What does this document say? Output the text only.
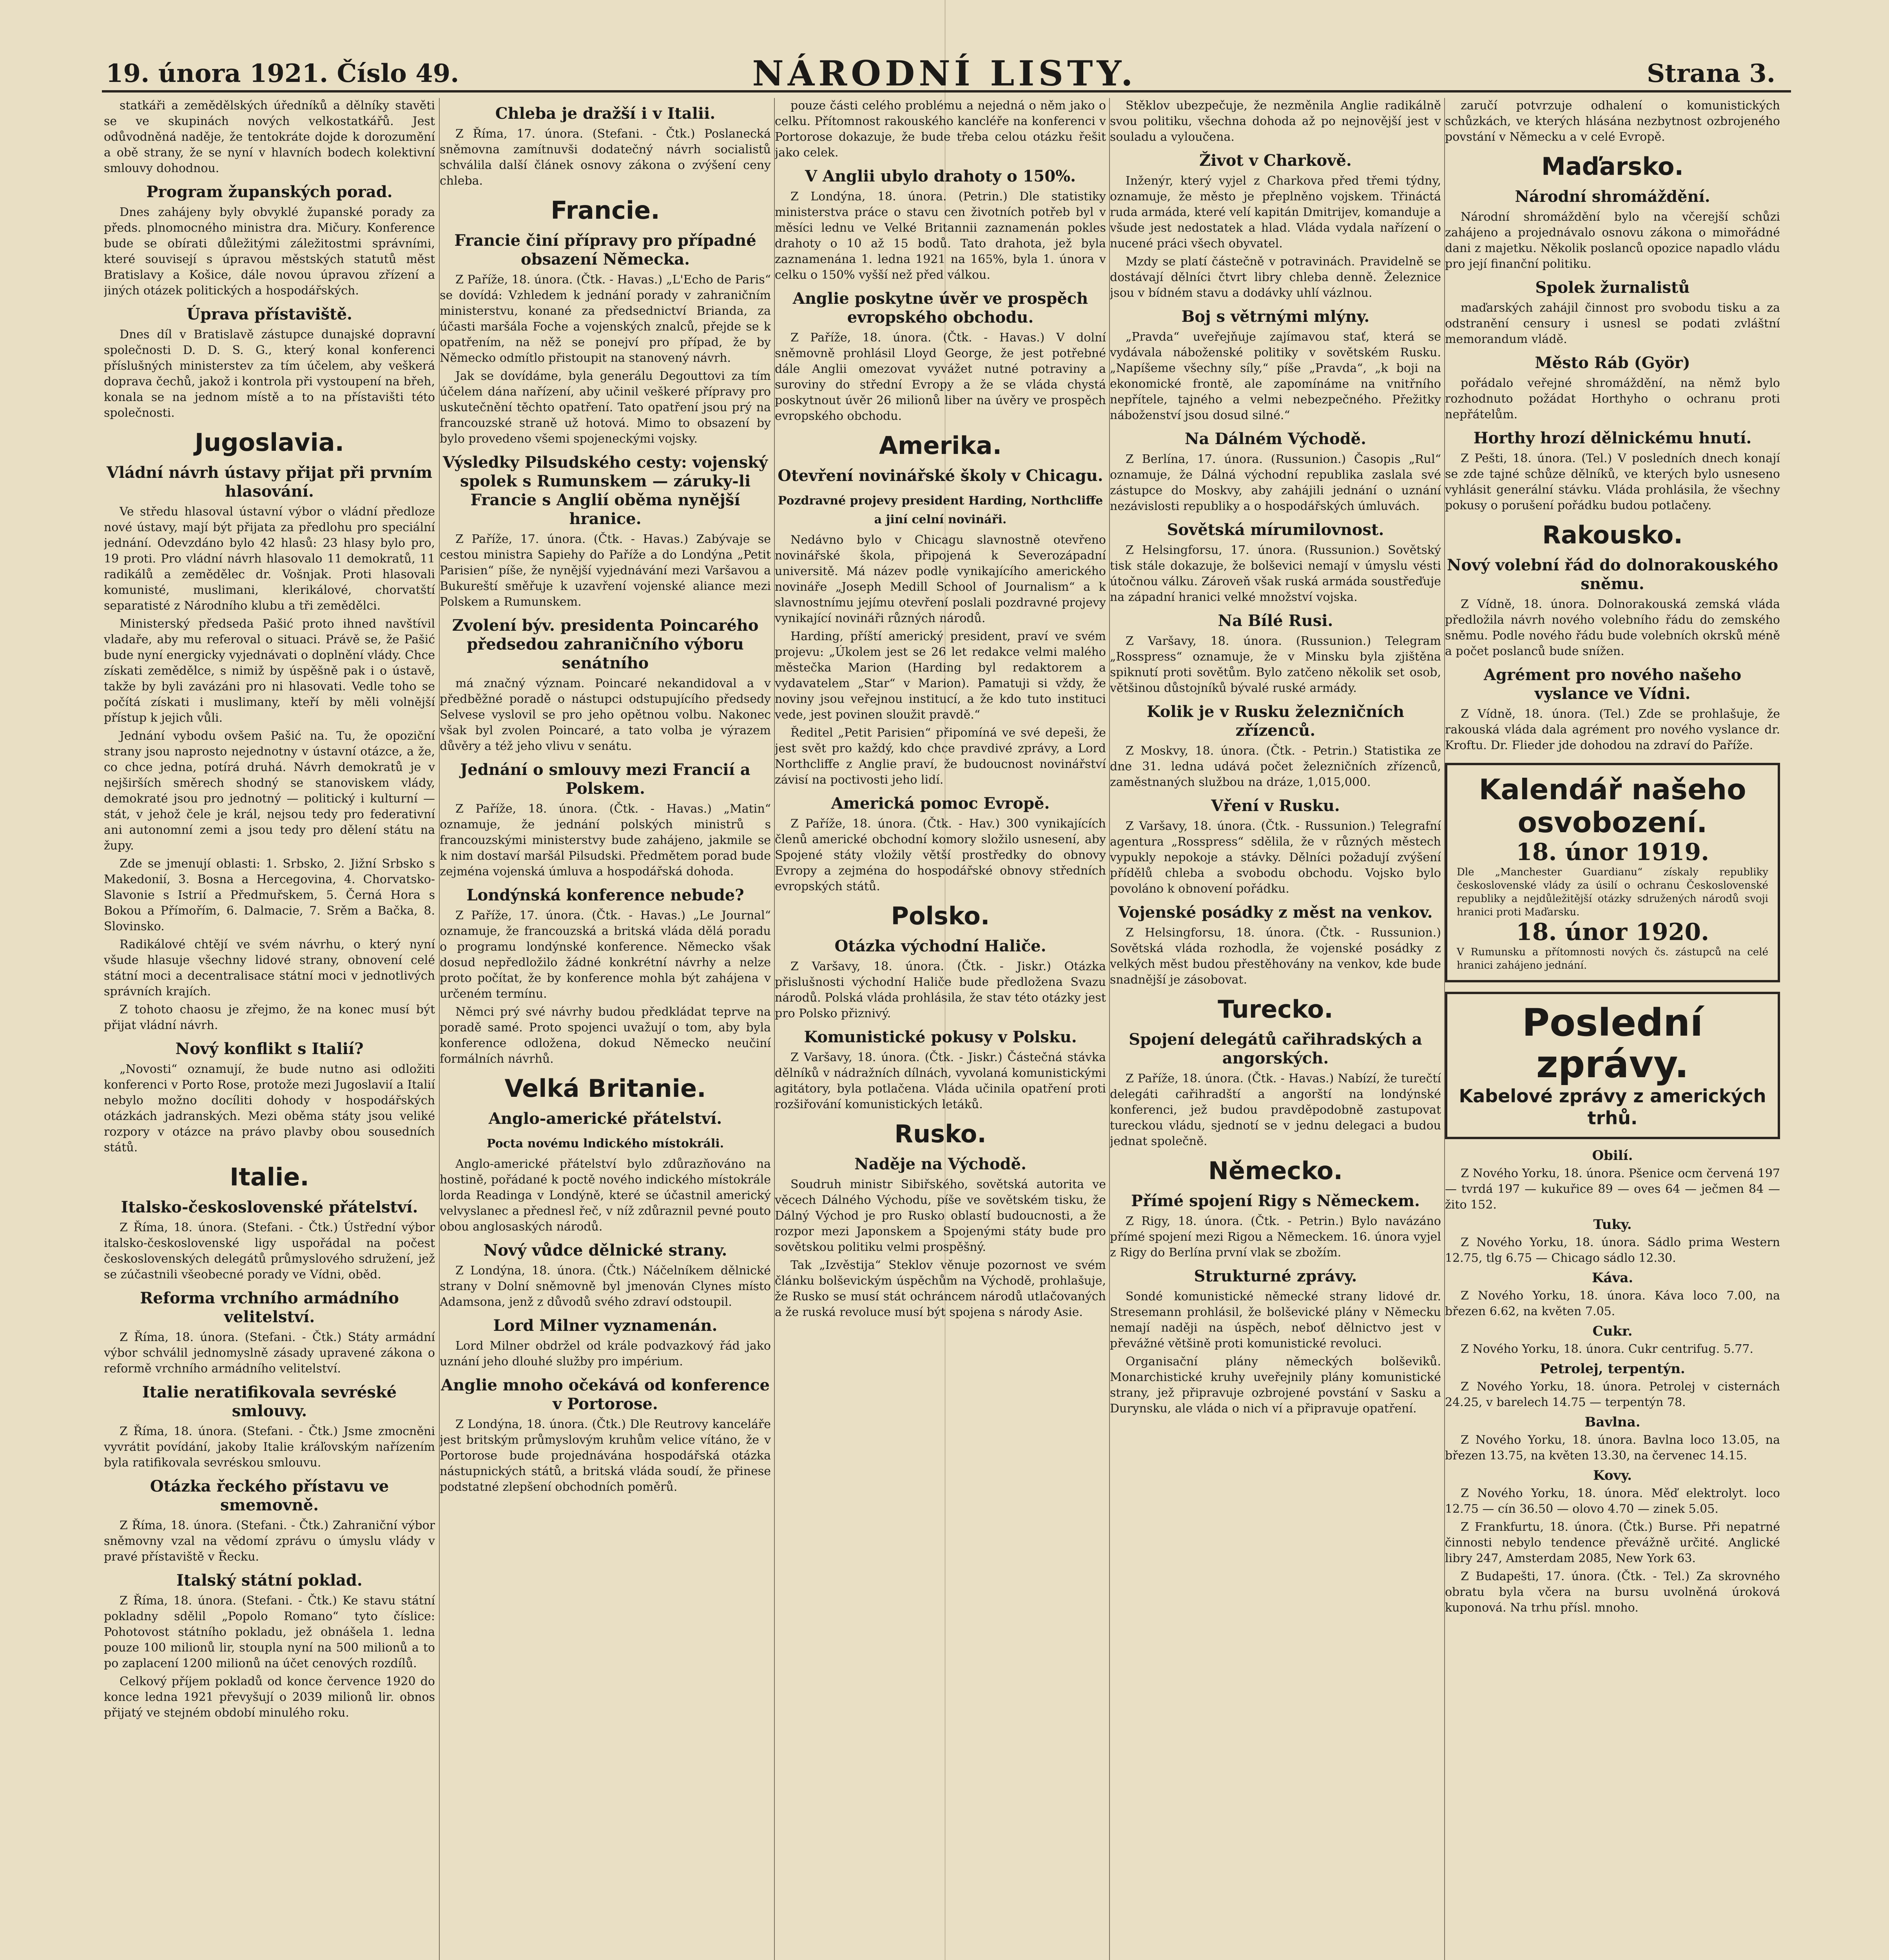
19. února 1921. Číslo 49.	NÁRODNÍ LISTY.	Strana 3.
statkáři a zemědělských úředníků a dělníky stavěti se ve skupinách nových velkostatkářů. Jest odůvodněná naděje, že tentokráte dojde k dorozumění a obě strany, že se nyní v hlavních bodech kolektivní smlouvy dohodnou.
Program županských porad.
Dnes zahájeny byly obvyklé županské porady za předs. plnomocného ministra dra. Mičury. Konference bude se obírati důležitými záležitostmi správními, které souvisejí s úpravou městských statutů měst Bratislavy a Košice, dále novou úpravou zřízení a jiných otázek politických a hospodářských.
Úprava přístaviště.
Dnes díl v Bratislavě zástupce dunajské dopravní společnosti D. D. S. G., který konal konferenci příslušných ministerstev za tím účelem, aby veškerá doprava čechů, jakož i kontrola při vystoupení na břeh, konala se na jednom místě a to na přístavišti této společnosti.
Jugoslavia.
Vládní návrh ústavy přijat při prvním hlasování.
Ve středu hlasoval ústavní výbor o vládní předloze nové ústavy, mají být přijata za předlohu pro speciální jednání. Odevzdáno bylo 42 hlasů: 23 hlasy bylo pro, 19 proti. Pro vládní návrh hlasovalo 11 demokratů, 11 radikálů a zemědělec dr. Vošnjak. Proti hlasovali komunisté, muslimani, klerikálové, chorvatští separatisté z Národního klubu a tři zemědělci.
Ministerský předseda Pašić proto ihned navštívil vladaře, aby mu referoval o situaci. Právě se, že Pašić bude nyní energicky vyjednávati o doplnění vlády. Chce získati zemědělce, s nimiž by úspěšně pak i o ústavě, takže by byli zavázáni pro ni hlasovati. Vedle toho se počítá získati i muslimany, kteří by měli volnější přístup k jejich vůli.
Jednání vybodu ovšem Pašić na. Tu, že opoziční strany jsou naprosto nejednotny v ústavní otázce, a že, co chce jedna, potírá druhá. Návrh demokratů je v nejširších směrech shodný se stanoviskem vlády, demokraté jsou pro jednotný — politický i kulturní — stát, v jehož čele je král, nejsou tedy pro federativní ani autonomní zemi a jsou tedy pro dělení státu na župy.
Zde se jmenují oblasti: 1. Srbsko, 2. Jižní Srbsko s Makedonií, 3. Bosna a Hercegovina, 4. Chorvatsko-Slavonie s Istrií a Předmuřskem, 5. Černá Hora s Bokou a Přímořím, 6. Dalmacie, 7. Srěm a Bačka, 8. Slovinsko.
Radikálové chtějí ve svém návrhu, o který nyní všude hlasuje všechny lidové strany, obnovení celé státní moci a decentralisace státní moci v jednotlivých správních krajích.
Z tohoto chaosu je zřejmo, že na konec musí být přijat vládní návrh.
Nový konflikt s Italií?
„Novosti“ oznamují, že bude nutno asi odložiti konferenci v Porto Rose, protože mezi Jugoslavií a Italií nebylo možno docíliti dohody v hospodářských otázkách jadranských. Mezi oběma státy jsou veliké rozpory v otázce na právo plavby obou sousedních států.
Italie.
Italsko-československé přátelství.
Z Říma, 18. února. (Stefani. - Čtk.) Ústřední výbor italsko-československé ligy uspořádal na počest československých delegátů průmyslového sdružení, jež se zúčastnili všeobecné porady ve Vídni, oběd.
Reforma vrchního armádního velitelství.
Z Říma, 18. února. (Stefani. - Čtk.) Státy armádní výbor schválil jednomyslně zásady upravené zákona o reformě vrchního armádního velitelství.
Italie neratifikovala sevréské smlouvy.
Z Říma, 18. února. (Stefani. - Čtk.) Jsme zmocněni vyvrátit povídání, jakoby Italie kráľovským nařízením byla ratifikovala sevréskou smlouvu.
Otázka řeckého přístavu ve smemovně.
Z Říma, 18. února. (Stefani. - Čtk.) Zahraniční výbor sněmovny vzal na vědomí zprávu o úmyslu vlády v pravé přístaviště v Řecku.
Italský státní poklad.
Z Říma, 18. února. (Stefani. - Čtk.) Ke stavu státní pokladny sdělil „Popolo Romano“ tyto číslice: Pohotovost státního pokladu, jež obnášela 1. ledna pouze 100 milionů lir, stoupla nyní na 500 milionů a to po zaplacení 1200 milionů na účet cenových rozdílů.
Celkový příjem pokladů od konce července 1920 do konce ledna 1921 převyšují o 2039 milionů lir. obnos přijatý ve stejném období minulého roku.
Chleba je dražší i v Italii.
Z Říma, 17. února. (Stefani. - Čtk.) Poslanecká sněmovna zamítnuvši dodatečný návrh socialistů schválila další článek osnovy zákona o zvýšení ceny chleba.
Francie.
Francie činí přípravy pro případné obsazení Německa.
Z Paříže, 18. února. (Čtk. - Havas.) „L'Echo de Paris“ se dovídá: Vzhledem k jednání porady v zahraničním ministerstvu, konané za předsednictví Brianda, za účasti maršála Foche a vojenských znalců, přejde se k opatřením, na něž se ponejví pro případ, že by Německo odmítlo přistoupit na stanovený návrh.
Jak se dovídáme, byla generálu Degouttovi za tím účelem dána nařízení, aby učinil veškeré přípravy pro uskutečnění těchto opatření. Tato opatření jsou prý na francouzské straně už hotová. Mimo to obsazení by bylo provedeno všemi spojeneckými vojsky.
Výsledky Pilsudského cesty: vojenský spolek s Rumunskem — záruky-li Francie s Anglií oběma nynější hranice.
Z Paříže, 17. února. (Čtk. - Havas.) Zabývaje se cestou ministra Sapiehy do Paříže a do Londýna „Petit Parisien“ píše, že nynější vyjednávání mezi Varšavou a Bukureští směřuje k uzavření vojenské aliance mezi Polskem a Rumunskem.
Zvolení býv. presidenta Poincarého předsedou zahraničního výboru senátního
má značný význam. Poincaré nekandidoval a v předběžné poradě o nástupci odstupujícího předsedy Selvese vyslovil se pro jeho opětnou volbu. Nakonec však byl zvolen Poincaré, a tato volba je výrazem důvěry a též jeho vlivu v senátu.
Jednání o smlouvy mezi Francií a Polskem.
Z Paříže, 18. února. (Čtk. - Havas.) „Matin“ oznamuje, že jednání polských ministrů s francouzskými ministerstvy bude zahájeno, jakmile se k nim dostaví maršál Pilsudski. Předmětem porad bude zejména vojenská úmluva a hospodářská dohoda.
Londýnská konference nebude?
Z Paříže, 17. února. (Čtk. - Havas.) „Le Journal“ oznamuje, že francouzská a britská vláda dělá poradu o programu londýnské konference. Německo však dosud nepředložilo žádné konkrétní návrhy a nelze proto počítat, že by konference mohla být zahájena v určeném termínu.
Němci prý své návrhy budou předkládat teprve na poradě samé. Proto spojenci uvažují o tom, aby byla konference odložena, dokud Německo neučiní formálních návrhů.
Velká Britanie.
Anglo-americké přátelství.
Pocta novému lndického místokráli.
Anglo-americké přátelství bylo zdůrazňováno na hostině, pořádané k poctě nového indického místokrále lorda Readinga v Londýně, které se účastnil americký velvyslanec a přednesl řeč, v níž zdůraznil pevné pouto obou anglosaských národů.
Nový vůdce dělnické strany.
Z Londýna, 18. února. (Čtk.) Náčelníkem dělnické strany v Dolní sněmovně byl jmenován Clynes místo Adamsona, jenž z důvodů svého zdraví odstoupil.
Lord Milner vyznamenán.
Lord Milner obdržel od krále podvazkový řád jako uznání jeho dlouhé služby pro impérium.
Anglie mnoho očekává od konference v Portorose.
Z Londýna, 18. února. (Čtk.) Dle Reutrovy kanceláře jest britským průmyslovým kruhům velice vítáno, že v Portorose bude projednávána hospodářská otázka nástupnických států, a britská vláda soudí, že přinese podstatné zlepšení obchodních poměrů.
pouze části celého problému a nejedná o něm jako o celku. Přítomnost rakouského kancléře na konferenci v Portorose dokazuje, že bude třeba celou otázku řešit jako celek.
V Anglii ubylo drahoty o 150%.
Z Londýna, 18. února. (Petrin.) Dle statistiky ministerstva práce o stavu cen životních potřeb byl v měsíci lednu ve Velké Britannii zaznamenán pokles drahoty o 10 až 15 bodů. Tato drahota, jež byla zaznamenána 1. ledna 1921 na 165%, byla 1. února v celku o 150% vyšší než před válkou.
Anglie poskytne úvěr ve prospěch evropského obchodu.
Z Paříže, 18. února. (Čtk. - Havas.) V dolní sněmovně prohlásil Lloyd George, že jest potřebné dále Anglii omezovat vyvážet nutné potraviny a suroviny do střední Evropy a že se vláda chystá poskytnout úvěr 26 milionů liber na úvěry ve prospěch evropského obchodu.
Amerika.
Otevření novinářské školy v Chicagu.
Pozdravné projevy president Harding, Northcliffe a jiní celní novináři.
Nedávno bylo v Chicagu slavnostně otevřeno novinářské škola, připojená k Severozápadní universitě. Má název podle vynikajícího amerického novináře „Joseph Medill School of Journalism“ a k slavnostnímu jejímu otevření poslali pozdravné projevy vynikající novináři různých národů.
Harding, příští americký president, praví ve svém projevu: „Úkolem jest se 26 let redakce velmi malého městečka Marion (Harding byl redaktorem a vydavatelem „Star“ v Marion). Pamatuji si vždy, že noviny jsou veřejnou institucí, a že kdo tuto instituci vede, jest povinen sloužit pravdě.“
Ředitel „Petit Parisien“ připomíná ve své depeši, že jest svět pro každý, kdo chce pravdivé zprávy, a Lord Northcliffe z Anglie praví, že budoucnost novinářství závisí na poctivosti jeho lidí.
Americká pomoc Evropě.
Z Paříže, 18. února. (Čtk. - Hav.) 300 vynikajících členů americké obchodní komory složilo usnesení, aby Spojené státy vložily větší prostředky do obnovy Evropy a zejména do hospodářské obnovy středních evropských států.
Polsko.
Otázka východní Haliče.
Z Varšavy, 18. února. (Čtk. - Jiskr.) Otázka přislušnosti východní Haliče bude předložena Svazu národů. Polská vláda prohlásila, že stav této otázky jest pro Polsko přiznivý.
Komunistické pokusy v Polsku.
Z Varšavy, 18. února. (Čtk. - Jiskr.) Částečná stávka dělníků v nádražních dílnách, vyvolaná komunistickými agitátory, byla potlačena. Vláda učinila opatření proti rozšiřování komunistických letáků.
Rusko.
Naděje na Východě.
Soudruh ministr Sibiřského, sovětská autorita ve věcech Dálného Východu, píše ve sovětském tisku, že Dálný Východ je pro Rusko oblastí budoucnosti, a že rozpor mezi Japonskem a Spojenými státy bude pro sovětskou politiku velmi prospěšný.
Tak „Izvěstija“ Steklov věnuje pozornost ve svém článku bolševickým úspěchům na Východě, prohlašuje, že Rusko se musí stát ochráncem národů utlačovaných a že ruská revoluce musí být spojena s národy Asie.
Stěklov ubezpečuje, že nezměnila Anglie radikálně svou politiku, všechna dohoda až po nejnovější jest v souladu a vyloučena.
Život v Charkově.
Inženýr, který vyjel z Charkova před třemi týdny, oznamuje, že město je přeplněno vojskem. Třináctá ruda armáda, které velí kapitán Dmitrijev, komanduje a všude jest nedostatek a hlad. Vláda vydala nařízení o nucené práci všech obyvatel.
Mzdy se platí částečně v potravinách. Pravidelně se dostávají dělníci čtvrt libry chleba denně. Železnice jsou v bídném stavu a dodávky uhlí vázlnou.
Boj s větrnými mlýny.
„Pravda“ uveřejňuje zajímavou stať, která se vydávala náboženské politiky v sovětském Rusku. „Napíšeme všechny síly,“ píše „Pravda“, „k boji na ekonomické frontě, ale zapomínáme na vnitřního nepřítele, tajného a velmi nebezpečného. Přežitky náboženství jsou dosud silné.“
Na Dálném Východě.
Z Berlína, 17. února. (Russunion.) Časopis „Rul“ oznamuje, že Dálná východní republika zaslala své zástupce do Moskvy, aby zahájili jednání o uznání nezávislosti republiky a o hospodářských úmluvách.
Sovětská mírumilovnost.
Z Helsingforsu, 17. února. (Russunion.) Sovětský tisk stále dokazuje, že bolševici nemají v úmyslu vésti útočnou válku. Zároveň však ruská armáda soustřeďuje na západní hranici velké množství vojska.
Na Bílé Rusi.
Z Varšavy, 18. února. (Russunion.) Telegram „Rosspress“ oznamuje, že v Minsku byla zjištěna spiknutí proti sovětům. Bylo zatčeno několik set osob, většinou důstojníků bývalé ruské armády.
Kolik je v Rusku železničních zřízenců.
Z Moskvy, 18. února. (Čtk. - Petrin.) Statistika ze dne 31. ledna udává počet železničních zřízenců, zaměstnaných službou na dráze, 1,015,000.
Vření v Rusku.
Z Varšavy, 18. února. (Čtk. - Russunion.) Telegrafní agentura „Rosspress“ sdělila, že v různých městech vypukly nepokoje a stávky. Dělníci požadují zvýšení přídělů chleba a svobodu obchodu. Vojsko bylo povoláno k obnovení pořádku.
Vojenské posádky z měst na venkov.
Z Helsingforsu, 18. února. (Čtk. - Russunion.) Sovětská vláda rozhodla, že vojenské posádky z velkých měst budou přestěhovány na venkov, kde bude snadnější je zásobovat.
Turecko.
Spojení delegátů cařihradských a angorských.
Z Paříže, 18. února. (Čtk. - Havas.) Nabízí, že turečtí delegáti cařihradští a angorští na londýnské konferenci, jež budou pravděpodobně zastupovat tureckou vládu, sjednotí se v jednu delegaci a budou jednat společně.
Německo.
Přímé spojení Rigy s Německem.
Z Rigy, 18. února. (Čtk. - Petrin.) Bylo navázáno přímé spojení mezi Rigou a Německem. 16. února vyjel z Rigy do Berlína první vlak se zbožím.
Strukturné zprávy.
Sondé komunistické německé strany lidové dr. Stresemann prohlásil, že bolševické plány v Německu nemají naději na úspěch, neboť dělnictvo jest v převážné většině proti komunistické revoluci.
Organisační plány německých bolševiků. Monarchistické kruhy uveřejnily plány komunistické strany, jež připravuje ozbrojené povstání v Sasku a Durynsku, ale vláda o nich ví a připravuje opatření.
zaručí potvrzuje odhalení o komunistických schůzkách, ve kterých hlásána nezbytnost ozbrojeného povstání v Německu a v celé Evropě.
Maďarsko.
Národní shromáždění.
Národní shromáždění bylo na včerejší schůzi zahájeno a projednávalo osnovu zákona o mimořádné dani z majetku. Několik poslanců opozice napadlo vládu pro její finanční politiku.
Spolek žurnalistů
maďarských zahájil činnost pro svobodu tisku a za odstranění censury i usnesl se podati zvláštní memorandum vládě.
Město Ráb (Györ)
pořádalo veřejné shromáždění, na němž bylo rozhodnuto požádat Horthyho o ochranu proti nepřátelům.
Horthy hrozí dělnickému hnutí.
Z Pešti, 18. února. (Tel.) V posledních dnech konají se zde tajné schůze dělníků, ve kterých bylo usneseno vyhlásit generální stávku. Vláda prohlásila, že všechny pokusy o porušení pořádku budou potlačeny.
Rakousko.
Nový volební řád do dolnorakouského sněmu.
Z Vídně, 18. února. Dolnorakouská zemská vláda předložila návrh nového volebního řádu do zemského sněmu. Podle nového řádu bude volebních okrsků méně a počet poslanců bude snížen.
Agrément pro nového našeho vyslance ve Vídni.
Z Vídně, 18. února. (Tel.) Zde se prohlašuje, že rakouská vláda dala agrément pro nového vyslance dr. Kroftu. Dr. Flieder jde dohodou na zdraví do Paříže.
Kalendář našeho osvobození.
18. únor 1919.
Dle „Manchester Guardianu“ získaly republiky československé vlády za úsilí o ochranu Československé republiky a nejdůležitější otázky sdružených národů svoji hranici proti Maďarsku.
18. únor 1920.
V Rumunsku a přítomnosti nových čs. zástupců na celé hranici zahájeno jednání.
Poslední zprávy.
Kabelové zprávy z amerických trhů.
Obilí.
Z Nového Yorku, 18. února. Pšenice ocm červená 197 — tvrdá 197 — kukuřice 89 — oves 64 — ječmen 84 — žito 152.
Tuky.
Z Nového Yorku, 18. února. Sádlo prima Western 12.75, tlg 6.75 — Chicago sádlo 12.30.
Káva.
Z Nového Yorku, 18. února. Káva loco 7.00, na březen 6.62, na květen 7.05.
Cukr.
Z Nového Yorku, 18. února. Cukr centrifug. 5.77.
Petrolej, terpentýn.
Z Nového Yorku, 18. února. Petrolej v cisternách 24.25, v barelech 14.75 — terpentýn 78.
Bavlna.
Z Nového Yorku, 18. února. Bavlna loco 13.05, na březen 13.75, na květen 13.30, na červenec 14.15.
Kovy.
Z Nového Yorku, 18. února. Měď elektrolyt. loco 12.75 — cín 36.50 — olovo 4.70 — zinek 5.05.
Z Frankfurtu, 18. února. (Čtk.) Burse. Při nepatrné činnosti nebylo tendence převážně určité. Anglické libry 247, Amsterdam 2085, New York 63.
Z Budapešti, 17. února. (Čtk. - Tel.) Za skrovného obratu byla včera na bursu uvolněná úroková kuponová. Na trhu přísl. mnoho.
